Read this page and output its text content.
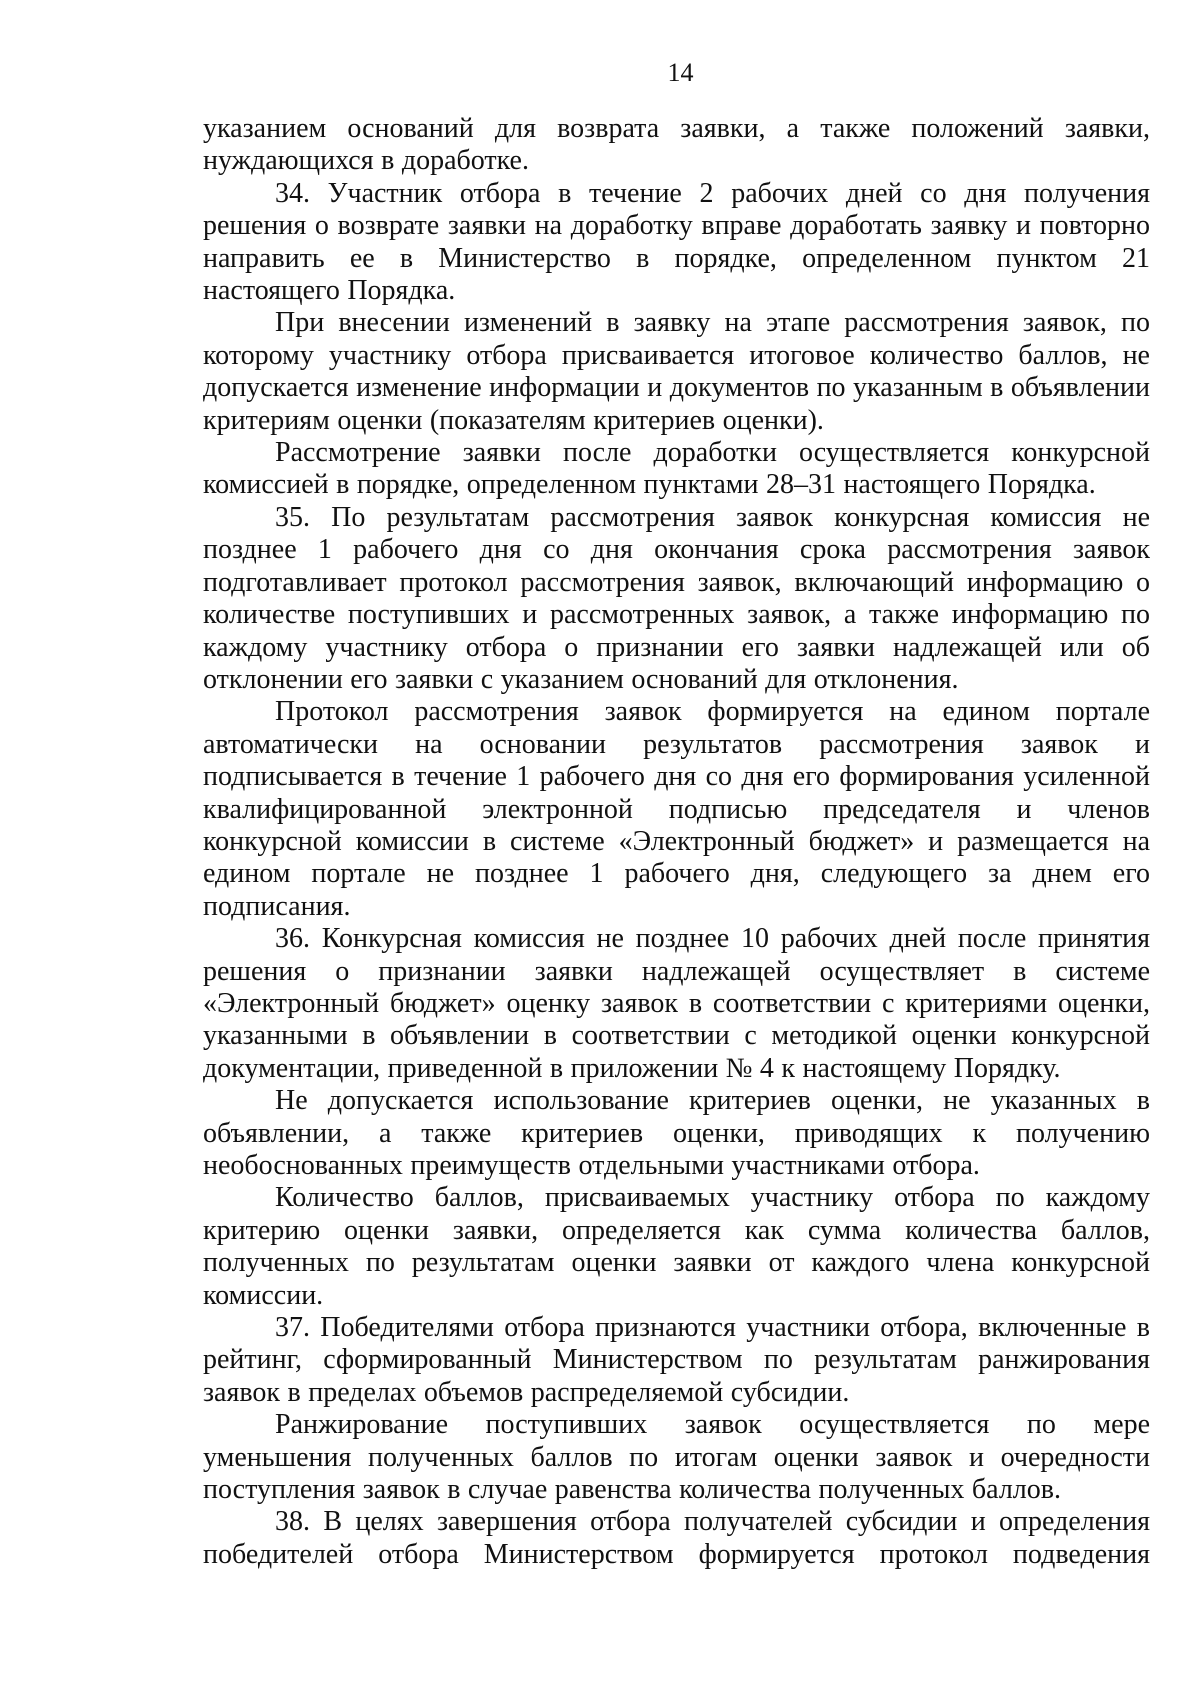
14

указанием оснований для возврата заявки, а также положений заявки, нуждающихся в доработке.

34. Участник отбора в течение 2 рабочих дней со дня получения решения о возврате заявки на доработку вправе доработать заявку и повторно направить ее в Министерство в порядке, определенном пунктом 21 настоящего Порядка.

При внесении изменений в заявку на этапе рассмотрения заявок, по которому участнику отбора присваивается итоговое количество баллов, не допускается изменение информации и документов по указанным в объявлении критериям оценки (показателям критериев оценки).

Рассмотрение заявки после доработки осуществляется конкурсной комиссией в порядке, определенном пунктами 28–31 настоящего Порядка.

35. По результатам рассмотрения заявок конкурсная комиссия не позднее 1 рабочего дня со дня окончания срока рассмотрения заявок подготавливает протокол рассмотрения заявок, включающий информацию о количестве поступивших и рассмотренных заявок, а также информацию по каждому участнику отбора о признании его заявки надлежащей или об отклонении его заявки с указанием оснований для отклонения.

Протокол рассмотрения заявок формируется на едином портале автоматически на основании результатов рассмотрения заявок и подписывается в течение 1 рабочего дня со дня его формирования усиленной квалифицированной электронной подписью председателя и членов конкурсной комиссии в системе «Электронный бюджет» и размещается на едином портале не позднее 1 рабочего дня, следующего за днем его подписания.

36. Конкурсная комиссия не позднее 10 рабочих дней после принятия решения о признании заявки надлежащей осуществляет в системе «Электронный бюджет» оценку заявок в соответствии с критериями оценки, указанными в объявлении в соответствии с методикой оценки конкурсной документации, приведенной в приложении № 4 к настоящему Порядку.

Не допускается использование критериев оценки, не указанных в объявлении, а также критериев оценки, приводящих к получению необоснованных преимуществ отдельными участниками отбора.

Количество баллов, присваиваемых участнику отбора по каждому критерию оценки заявки, определяется как сумма количества баллов, полученных по результатам оценки заявки от каждого члена конкурсной комиссии.

37. Победителями отбора признаются участники отбора, включенные в рейтинг, сформированный Министерством по результатам ранжирования заявок в пределах объемов распределяемой субсидии.

Ранжирование поступивших заявок осуществляется по мере уменьшения полученных баллов по итогам оценки заявок и очередности поступления заявок в случае равенства количества полученных баллов.

38. В целях завершения отбора получателей субсидии и определения победителей отбора Министерством формируется протокол подведения
